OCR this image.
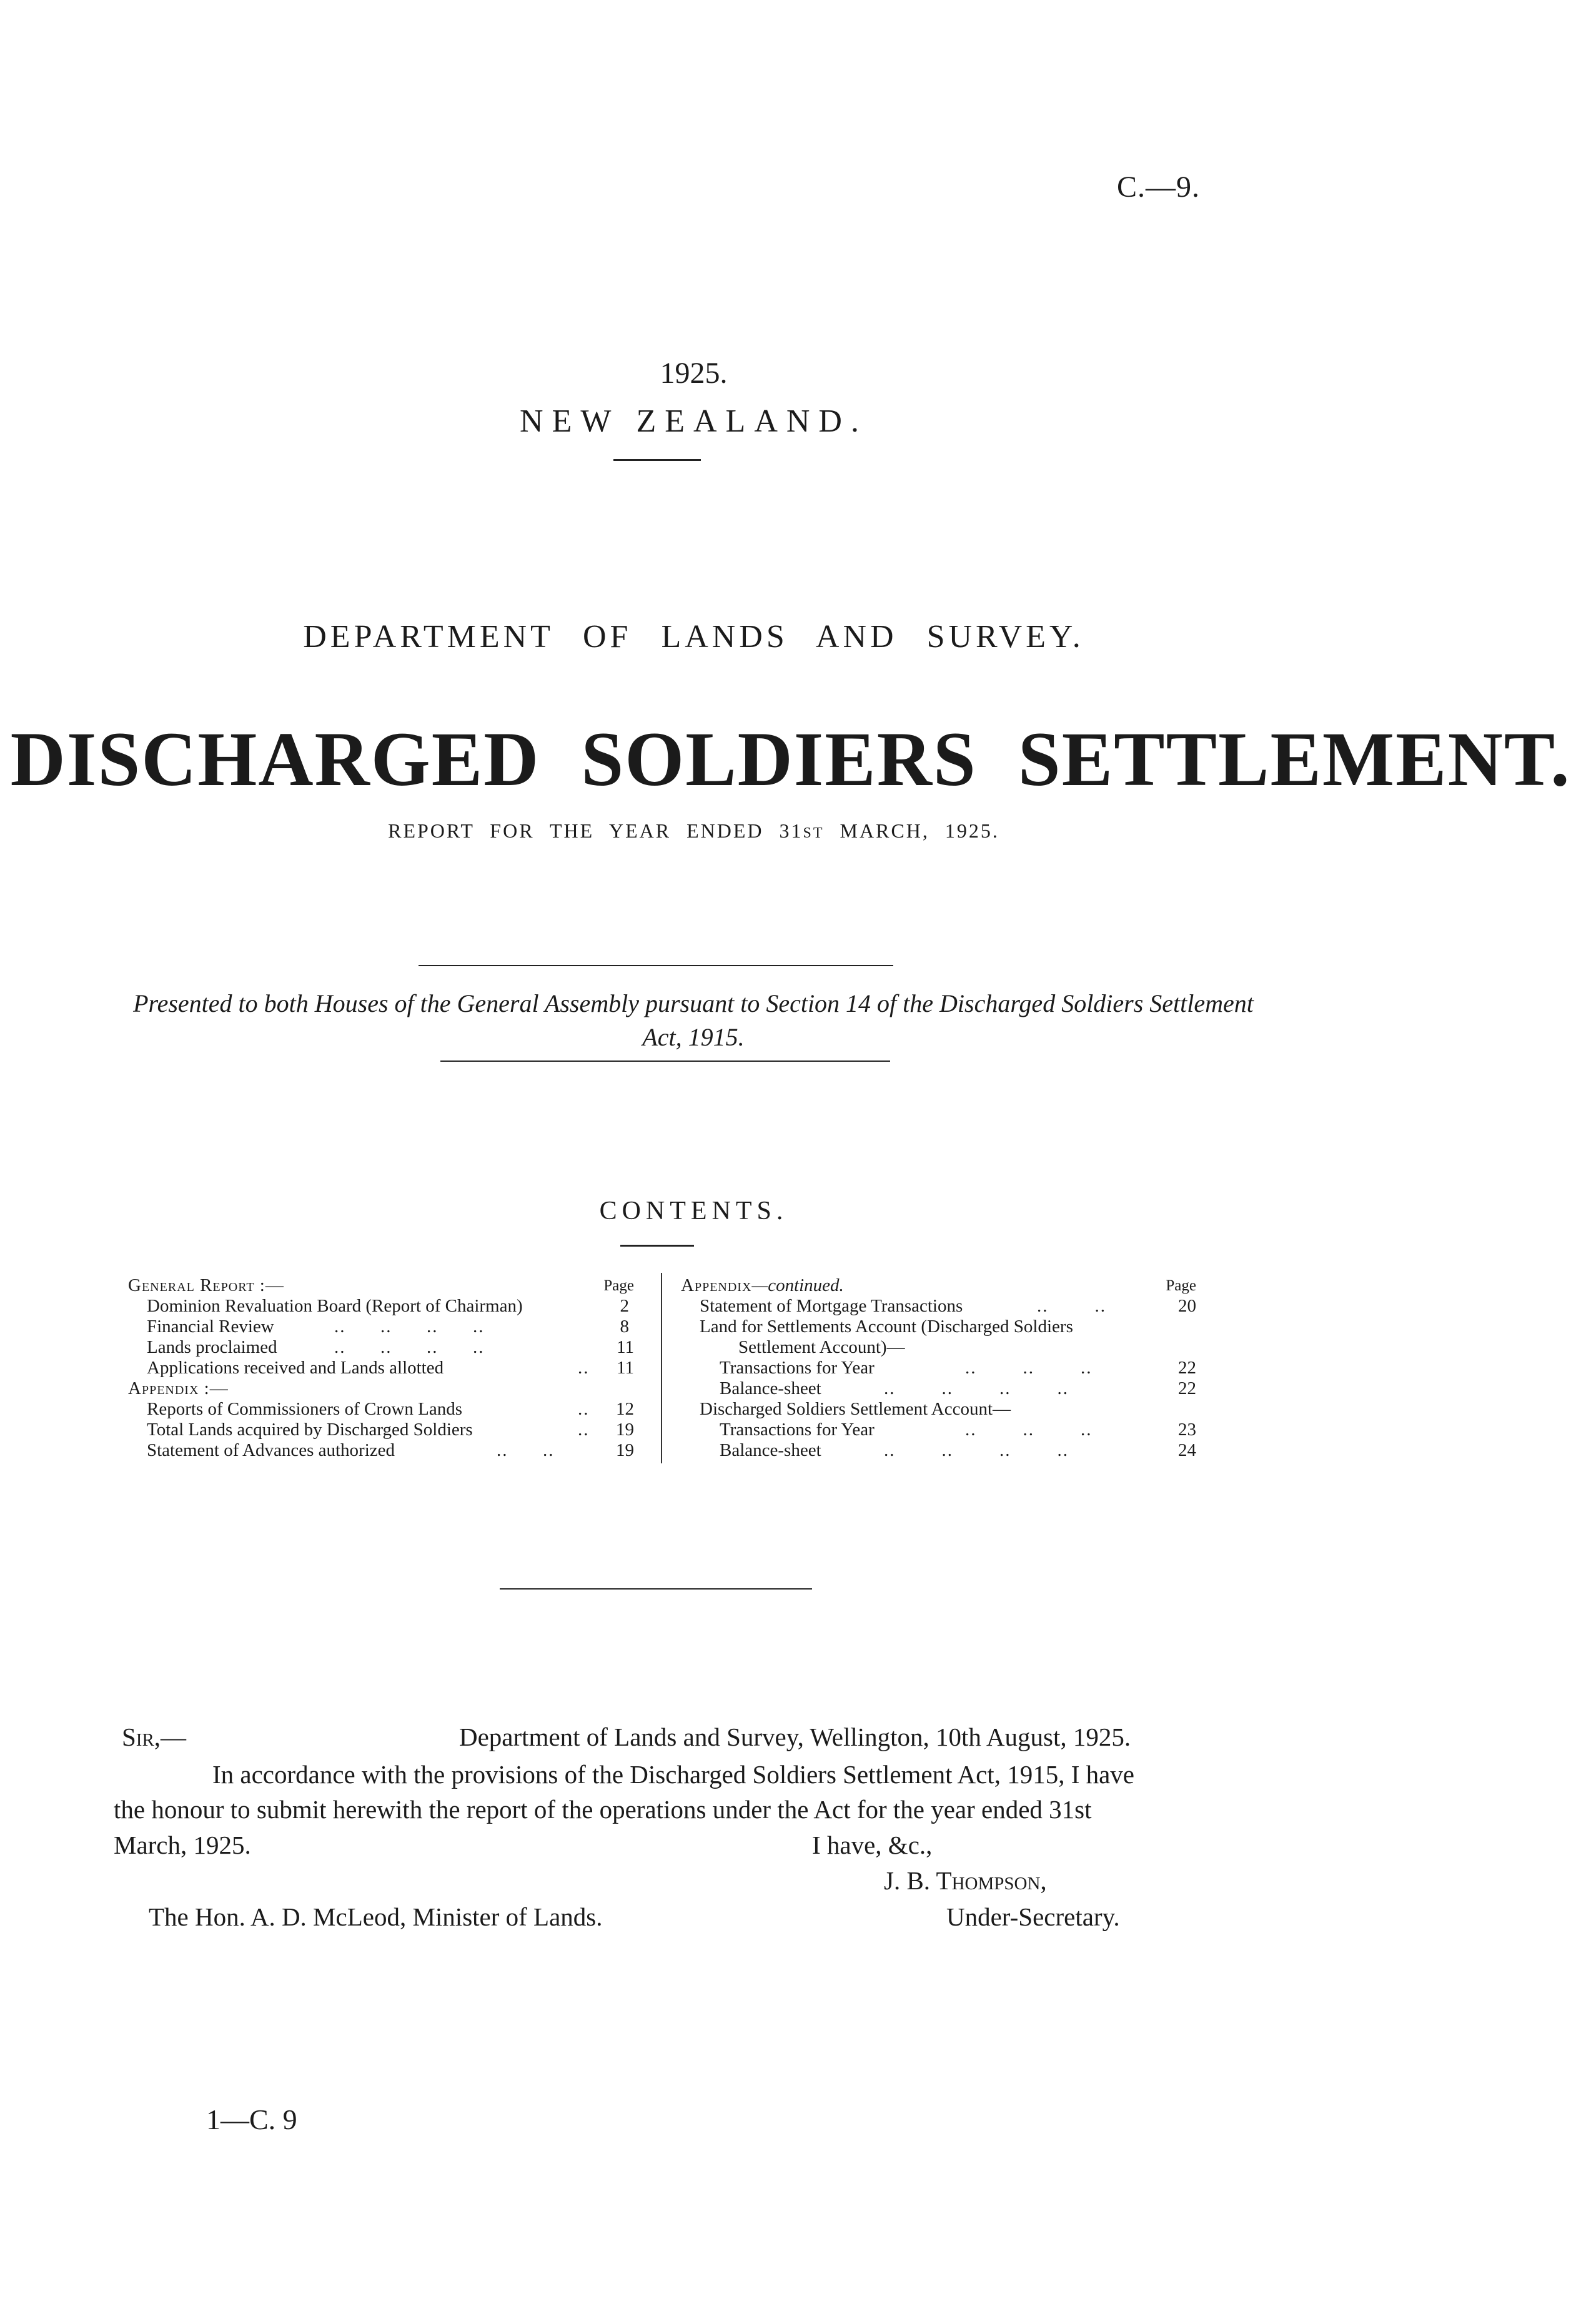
C.—9.
1925.
NEW ZEALAND.
DEPARTMENT OF LANDS AND SURVEY.
DISCHARGED SOLDIERS SETTLEMENT.
REPORT FOR THE YEAR ENDED 31ST MARCH, 1925.
Presented to both Houses of the General Assembly pursuant to Section 14 of the Discharged Soldiers Settlement Act, 1915.
CONTENTS.
General Report :—	Page
Dominion Revaluation Board (Report of Chairman)	2
Financial Review	..      ..      ..      ..	8
Lands proclaimed	..      ..      ..      ..	11
Applications received and Lands allotted	.. 11
Appendix :—
Reports of Commissioners of Crown Lands	.. 12
Total Lands acquired by Discharged Soldiers	.. 19
Statement of Advances authorized	..      ..	19
Appendix—continued.	Page
Statement of Mortgage Transactions	..        ..	20
Land for Settlements Account (Discharged Soldiers
Settlement Account)—
Transactions for Year	..        ..        ..	22
Balance-sheet	..        ..        ..        ..	22
Discharged Soldiers Settlement Account—
Transactions for Year	..        ..        ..	23
Balance-sheet	..        ..        ..        ..	24
Sir,—	Department of Lands and Survey, Wellington, 10th August, 1925.
In accordance with the provisions of the Discharged Soldiers Settlement Act, 1915, I have
the honour to submit herewith the report of the operations under the Act for the year ended 31st
March, 1925.	I have, &c.,
J. B. Thompson,
The Hon. A. D. McLeod, Minister of Lands.	Under-Secretary.
1—C. 9
